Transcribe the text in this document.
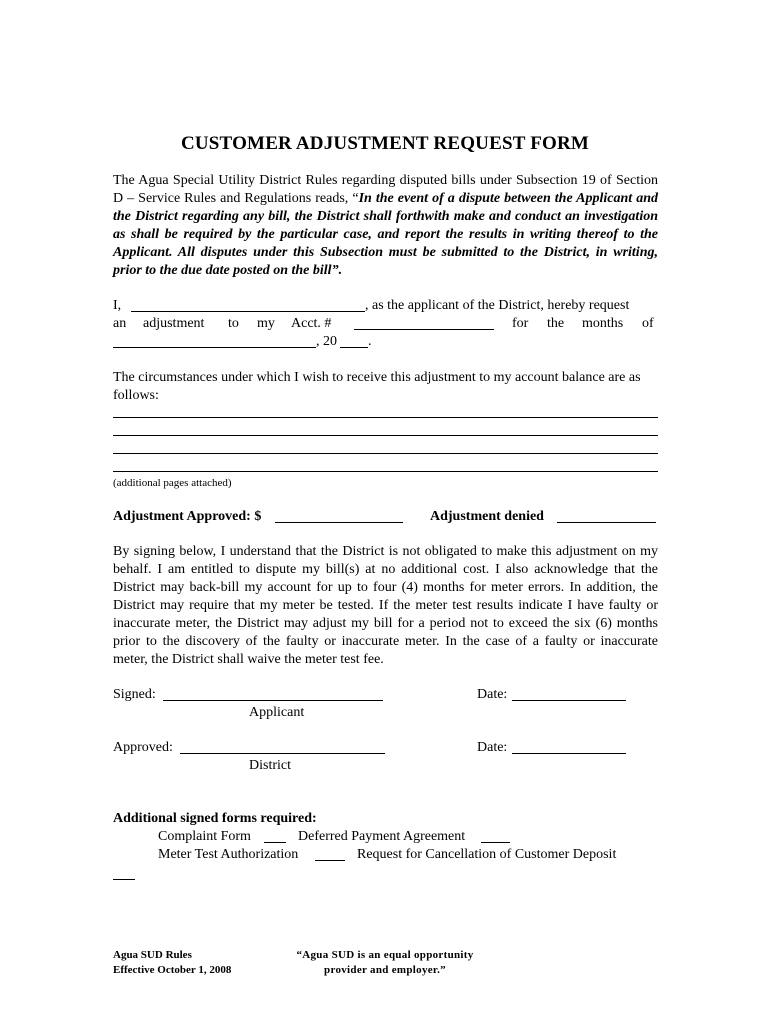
CUSTOMER ADJUSTMENT REQUEST FORM
The Agua Special Utility District Rules regarding disputed bills under Subsection 19 of Section D – Service Rules and Regulations reads, “In the event of a dispute between the Applicant and the District regarding any bill, the District shall forthwith make and conduct an investigation as shall be required by the particular case, and report the results in writing thereof to the Applicant. All disputes under this Subsection must be submitted to the District, in writing, prior to the due date posted on the bill”.
I,	, as the applicant of the District, hereby request
an adjustment to my Acct. #	for the months of
, 20 .
The circumstances under which I wish to receive this adjustment to my account balance are as follows:
(additional pages attached)
Adjustment Approved: $	Adjustment denied
By signing below, I understand that the District is not obligated to make this adjustment on my behalf. I am entitled to dispute my bill(s) at no additional cost. I also acknowledge that the District may back-bill my account for up to four (4) months for meter errors. In addition, the District may require that my meter be tested. If the meter test results indicate I have faulty or inaccurate meter, the District may adjust my bill for a period not to exceed the six (6) months prior to the discovery of the faulty or inaccurate meter. In the case of a faulty or inaccurate meter, the District shall waive the meter test fee.
Signed:	Date:
Applicant
Approved:	Date:
District
Additional signed forms required:
Complaint Form	Deferred Payment Agreement
Meter Test Authorization	Request for Cancellation of Customer Deposit
Agua SUD Rules
Effective October 1, 2008
“Agua SUD is an equal opportunity
provider and employer.”
